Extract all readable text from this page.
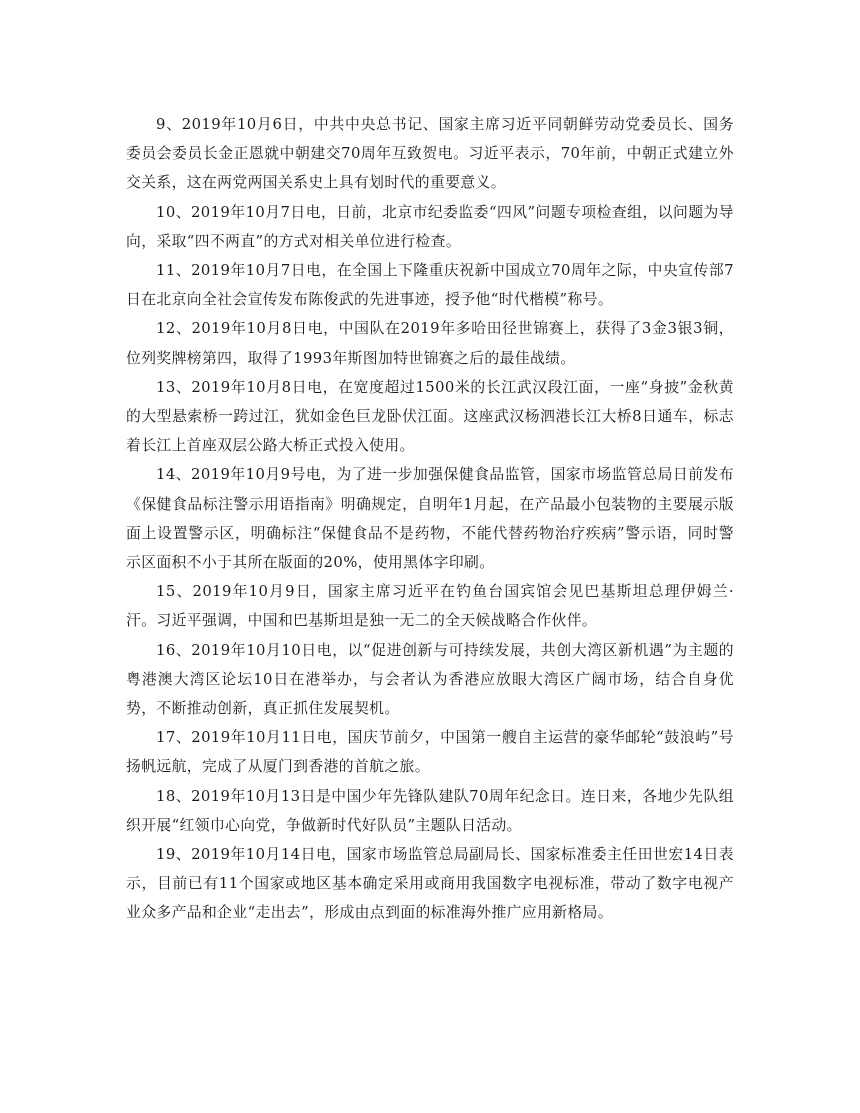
9、2019年10月6日，中共中央总书记、国家主席习近平同朝鲜劳动党委员长、国务委员会委员长金正恩就中朝建交70周年互致贺电。习近平表示，70年前，中朝正式建立外交关系，这在两党两国关系史上具有划时代的重要意义。

10、2019年10月7日电，日前，北京市纪委监委“四风”问题专项检查组，以问题为导向，采取“四不两直”的方式对相关单位进行检查。

11、2019年10月7日电，在全国上下隆重庆祝新中国成立70周年之际，中央宣传部7日在北京向全社会宣传发布陈俊武的先进事迹，授予他“时代楷模”称号。

12、2019年10月8日电，中国队在2019年多哈田径世锦赛上，获得了3金3银3铜，位列奖牌榜第四，取得了1993年斯图加特世锦赛之后的最佳战绩。

13、2019年10月8日电，在宽度超过1500米的长江武汉段江面，一座“身披”金秋黄的大型悬索桥一跨过江，犹如金色巨龙卧伏江面。这座武汉杨泗港长江大桥8日通车，标志着长江上首座双层公路大桥正式投入使用。

14、2019年10月9号电，为了进一步加强保健食品监管，国家市场监管总局日前发布《保健食品标注警示用语指南》明确规定，自明年1月起，在产品最小包装物的主要展示版面上设置警示区，明确标注“保健食品不是药物，不能代替药物治疗疾病”警示语，同时警示区面积不小于其所在版面的20%，使用黑体字印刷。

15、2019年10月9日，国家主席习近平在钓鱼台国宾馆会见巴基斯坦总理伊姆兰·汗。习近平强调，中国和巴基斯坦是独一无二的全天候战略合作伙伴。

16、2019年10月10日电，以“促进创新与可持续发展，共创大湾区新机遇”为主题的粤港澳大湾区论坛10日在港举办，与会者认为香港应放眼大湾区广阔市场，结合自身优势，不断推动创新，真正抓住发展契机。

17、2019年10月11日电，国庆节前夕，中国第一艘自主运营的豪华邮轮“鼓浪屿”号扬帆远航，完成了从厦门到香港的首航之旅。

18、2019年10月13日是中国少年先锋队建队70周年纪念日。连日来，各地少先队组织开展“红领巾心向党，争做新时代好队员”主题队日活动。

19、2019年10月14日电，国家市场监管总局副局长、国家标准委主任田世宏14日表示，目前已有11个国家或地区基本确定采用或商用我国数字电视标准，带动了数字电视产业众多产品和企业“走出去”，形成由点到面的标准海外推广应用新格局。
